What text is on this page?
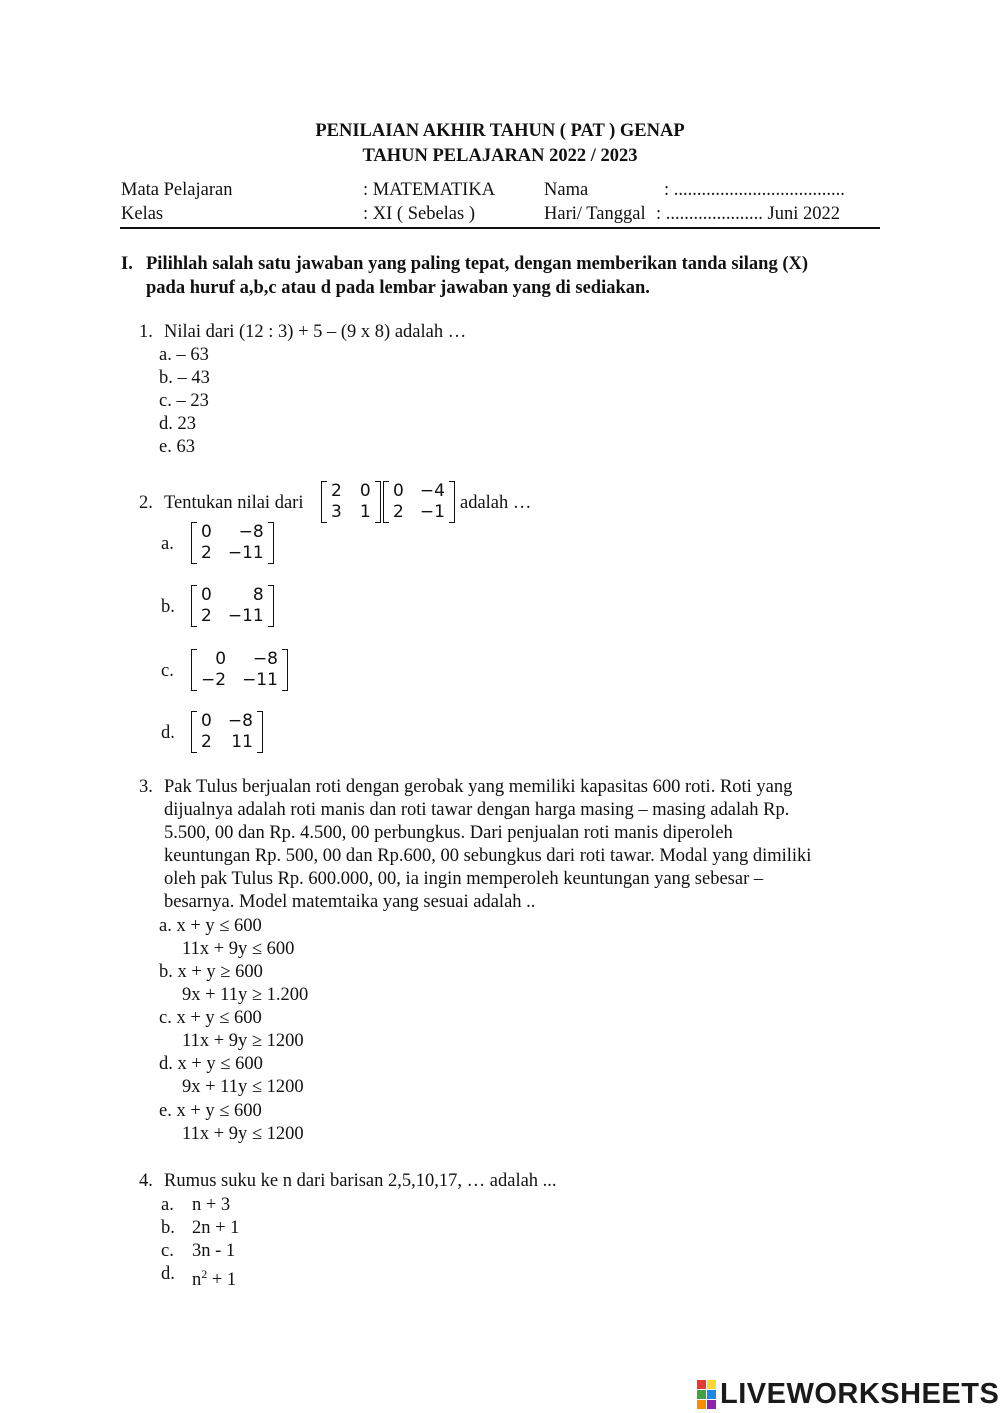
PENILAIAN AKHIR TAHUN ( PAT ) GENAP
TAHUN PELAJARAN 2022 / 2023
Mata Pelajaran	: MATEMATIKA	Nama	: .....................................
Kelas	: XI ( Sebelas )	Hari/ Tanggal : ..................... Juni 2022
I. Pilihlah salah satu jawaban yang paling tepat, dengan memberikan tanda silang (X)
pada huruf a,b,c atau d pada lembar jawaban yang di sediakan.
1. Nilai dari (12 : 3) + 5 – (9 x 8) adalah …
a. – 63
b. – 43
c. – 23
d. 23
e. 63
2. Tentukan nilai dari
2	0
3	1
0	−4
2	−1 adalah …
a.
0	−8
2	−11
b.
0	8
2	−11
c.
0	−8
−2	−11
d.
0	−8
2	11
3. Pak Tulus berjualan roti dengan gerobak yang memiliki kapasitas 600 roti. Roti yang
dijualnya adalah roti manis dan roti tawar dengan harga masing – masing adalah Rp.
5.500, 00 dan Rp. 4.500, 00 perbungkus. Dari penjualan roti manis diperoleh
keuntungan Rp. 500, 00 dan Rp.600, 00 sebungkus dari roti tawar. Modal yang dimiliki
oleh pak Tulus Rp. 600.000, 00, ia ingin memperoleh keuntungan yang sebesar –
besarnya. Model matemtaika yang sesuai adalah ..
a. x + y ≤ 600
11x + 9y ≤ 600
b. x + y ≥ 600
9x + 11y ≥ 1.200
c. x + y ≤ 600
11x + 9y ≥ 1200
d. x + y ≤ 600
9x + 11y ≤ 1200
e. x + y ≤ 600
11x + 9y ≤ 1200
4. Rumus suku ke n dari barisan 2,5,10,17, … adalah ...
a. n + 3
b. 2n + 1
c. 3n - 1
d. $n^2 + 1$
LIVEWORKSHEETS
